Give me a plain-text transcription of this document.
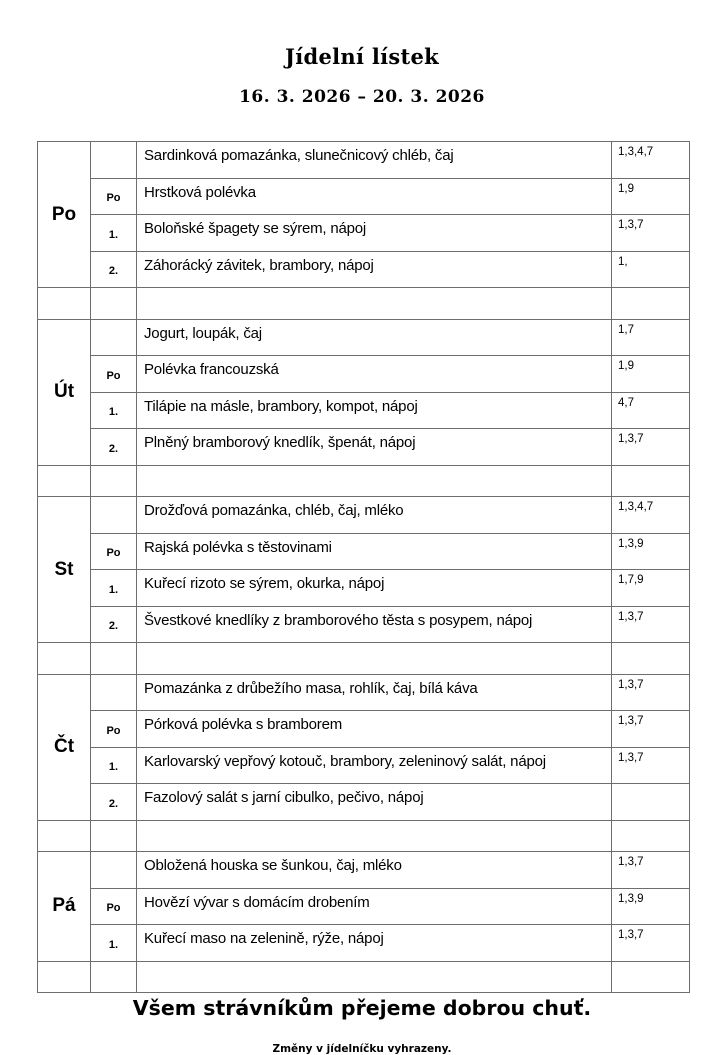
Jídelní lístek
16. 3. 2026 – 20. 3. 2026
Po		Sardinková pomazánka, slunečnicový chléb, čaj	1,3,4,7
	Po	Hrstková polévka	1,9
	1.	Boloňské špagety se sýrem, nápoj	1,3,7
	2.	Záhorácký závitek, brambory, nápoj	1,

Út		Jogurt, loupák, čaj	1,7
	Po	Polévka francouzská	1,9
	1.	Tilápie na másle, brambory, kompot, nápoj	4,7
	2.	Plněný bramborový knedlík, špenát, nápoj	1,3,7

St		Drožďová pomazánka, chléb, čaj, mléko	1,3,4,7
	Po	Rajská polévka s těstovinami	1,3,9
	1.	Kuřecí rizoto se sýrem, okurka, nápoj	1,7,9
	2.	Švestkové knedlíky z bramborového těsta s posypem, nápoj	1,3,7

Čt		Pomazánka z drůbežího masa, rohlík, čaj, bílá káva	1,3,7
	Po	Pórková polévka s bramborem	1,3,7
	1.	Karlovarský vepřový kotouč, brambory, zeleninový salát, nápoj	1,3,7
	2.	Fazolový salát s jarní cibulko, pečivo, nápoj	

Pá		Obložená houska se šunkou, čaj, mléko	1,3,7
	Po	Hovězí vývar s domácím drobením	1,3,9
	1.	Kuřecí maso na zelenině, rýže, nápoj	1,3,7

Všem strávníkům přejeme dobrou chuť.
Změny v jídelníčku vyhrazeny.
